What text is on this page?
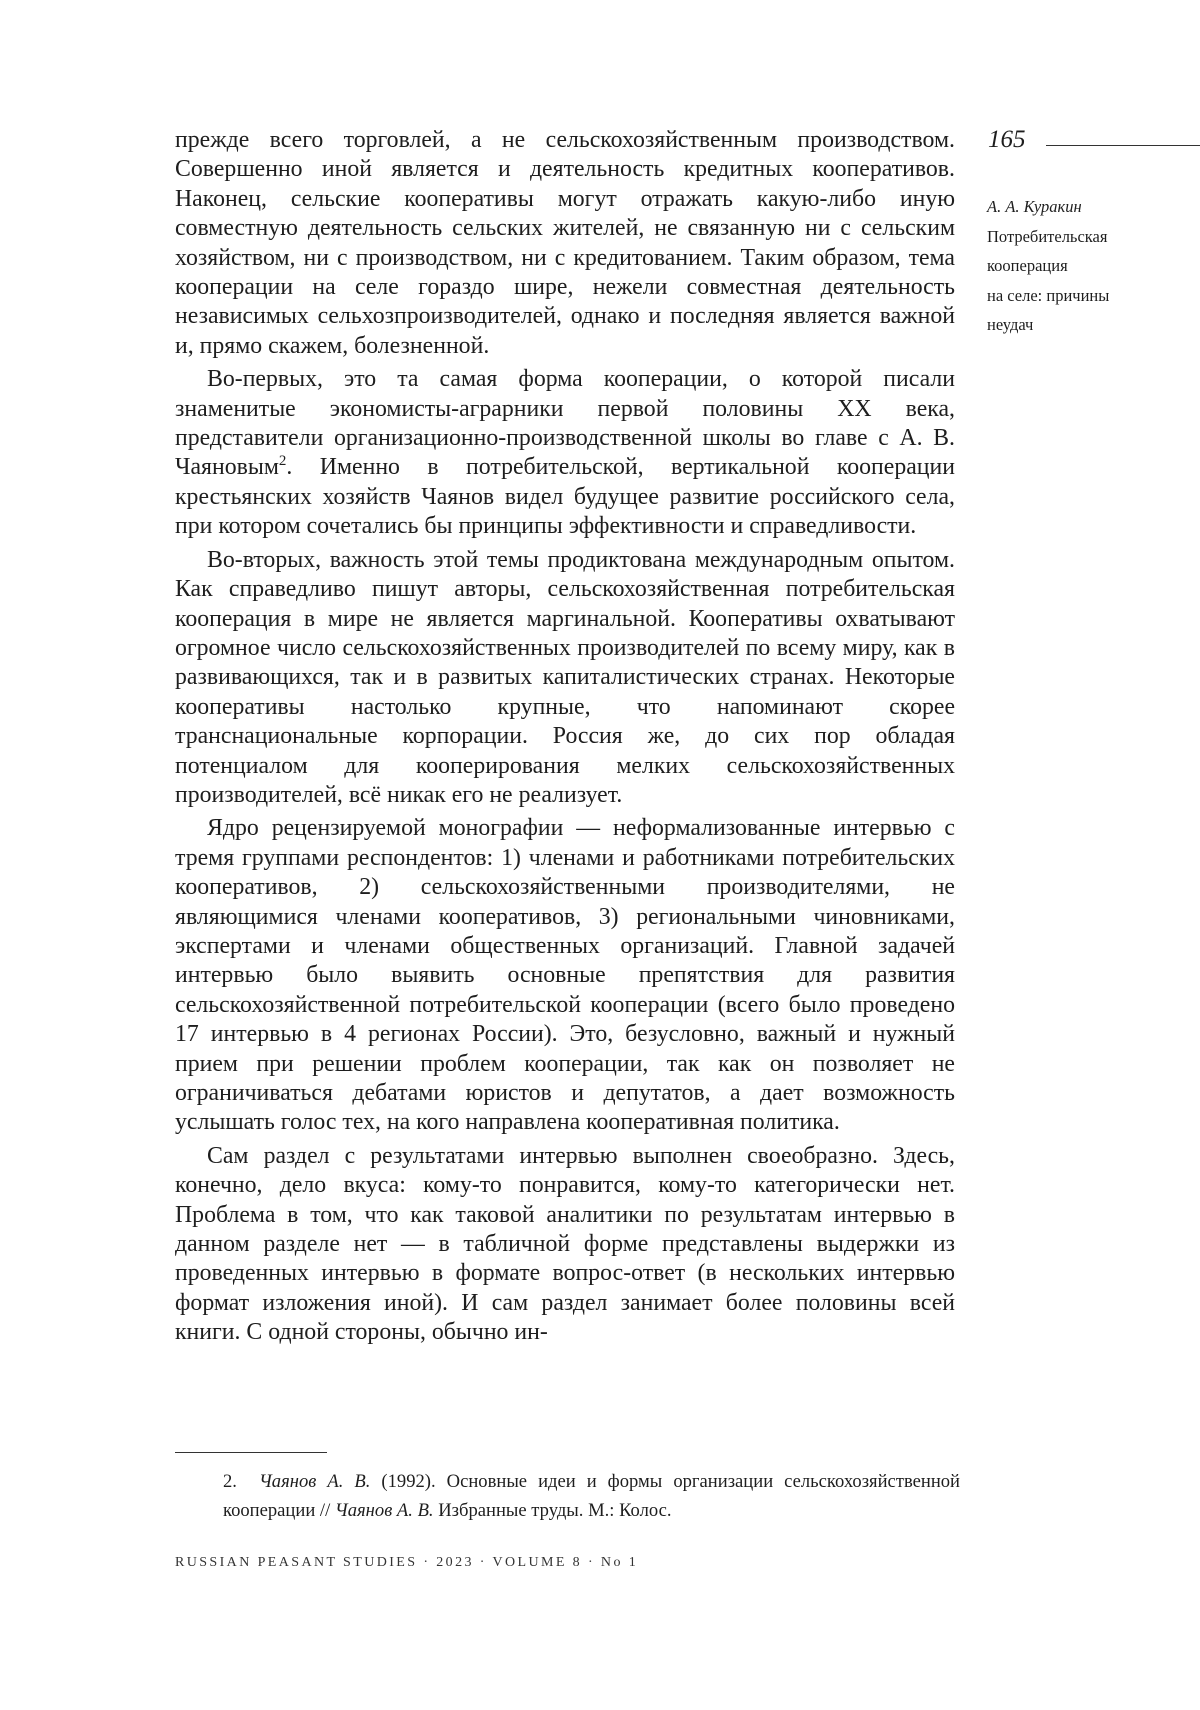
165
А. А. Куракин
Потребительская
кооперация
на селе: причины
неудач

прежде всего торговлей, а не сельскохозяйственным производством. Совершенно иной является и деятельность кредитных кооперативов. Наконец, сельские кооперативы могут отражать какую-либо иную совместную деятельность сельских жителей, не связанную ни с сельским хозяйством, ни с производством, ни с кредитованием. Таким образом, тема кооперации на селе гораздо шире, нежели совместная деятельность независимых сельхозпроизводителей, однако и последняя является важной и, прямо скажем, болезненной.

Во-первых, это та самая форма кооперации, о которой писали знаменитые экономисты-аграрники первой половины XX века, представители организационно-производственной школы во главе с А. В. Чаяновым$^2$. Именно в потребительской, вертикальной кооперации крестьянских хозяйств Чаянов видел будущее развитие российского села, при котором сочетались бы принципы эффективности и справедливости.

Во-вторых, важность этой темы продиктована международным опытом. Как справедливо пишут авторы, сельскохозяйственная потребительская кооперация в мире не является маргинальной. Кооперативы охватывают огромное число сельскохозяйственных производителей по всему миру, как в развивающихся, так и в развитых капиталистических странах. Некоторые кооперативы настолько крупные, что напоминают скорее транснациональные корпорации. Россия же, до сих пор обладая потенциалом для кооперирования мелких сельскохозяйственных производителей, всё никак его не реализует.

Ядро рецензируемой монографии — неформализованные интервью с тремя группами респондентов: 1) членами и работниками потребительских кооперативов, 2) сельскохозяйственными производителями, не являющимися членами кооперативов, 3) региональными чиновниками, экспертами и членами общественных организаций. Главной задачей интервью было выявить основные препятствия для развития сельскохозяйственной потребительской кооперации (всего было проведено 17 интервью в 4 регионах России). Это, безусловно, важный и нужный прием при решении проблем кооперации, так как он позволяет не ограничиваться дебатами юристов и депутатов, а дает возможность услышать голос тех, на кого направлена кооперативная политика.

Сам раздел с результатами интервью выполнен своеобразно. Здесь, конечно, дело вкуса: кому-то понравится, кому-то категорически нет. Проблема в том, что как таковой аналитики по результатам интервью в данном разделе нет — в табличной форме представлены выдержки из проведенных интервью в формате вопрос-ответ (в нескольких интервью формат изложения иной). И сам раздел занимает более половины всей книги. С одной стороны, обычно ин-

2. Чаянов А. В. (1992). Основные идеи и формы организации сельскохозяйственной кооперации // Чаянов А. В. Избранные труды. М.: Колос.
RUSSIAN PEASANT STUDIES · 2023 · VOLUME 8 · No 1
